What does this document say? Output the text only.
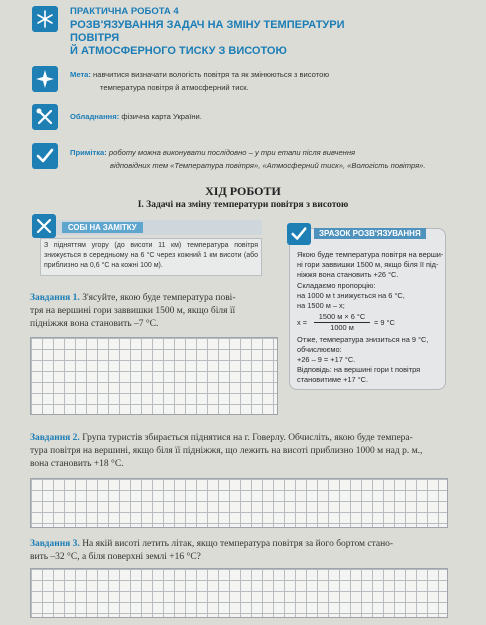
ПРАКТИЧНА РОБОТА 4
РОЗВ'ЯЗУВАННЯ ЗАДАЧ НА ЗМІНУ ТЕМПЕРАТУРИ ПОВІТРЯ
Й АТМОСФЕРНОГО ТИСКУ З ВИСОТОЮ
Мета: навчитися визначати вологість повітря та як змінюються з висотою
температура повітря й атмосферний тиск.
Обладнання: фізична карта України.
Примітка: роботу можна виконувати послідовно – у три етапи після вивчення
відповідних тем «Температура повітря», «Атмосферний тиск», «Вологість повітря».
ХІД РОБОТИ
І. Задачі на зміну температури повітря з висотою
СОБІ НА ЗАМІТКУ
З підняттям угору (до висоти 11 км) температура повітря знижується в середньому на 6 °С через кожний 1 км висоти (або приблизно на 0,6 °С на кожні 100 м).
ЗРАЗОК РОЗВ'ЯЗУВАННЯ
Якою буде температура повітря на верши-
ні гори заввишки 1500 м, якщо біля її під-
ніжжя вона становить +26 °С.
Складаємо пропорцію:
на 1000 м t знижується на 6 °С,
на 1500 м – х;
x =
1500 м × 6 °С
1000 м
= 9 °С
Отже, температура знизиться на 9 °С,
обчислюємо:
+26 – 9 = +17 °С.
Відповідь: на вершині гори t повітря
становитиме +17 °С.
Завдання 1. З'ясуйте, якою буде температура пові-
тря на вершині гори заввишки 1500 м, якщо біля її
підніжжя вона становить –7 °С.
Завдання 2. Група туристів збирається піднятися на г. Говерлу. Обчисліть, якою буде темпера-
тура повітря на вершині, якщо біля її підніжжя, що лежить на висоті приблизно 1000 м над р. м.,
вона становить +18 °С.
Завдання 3. На якій висоті летить літак, якщо температура повітря за його бортом стано-
вить –32 °С, а біля поверхні землі +16 °С?
